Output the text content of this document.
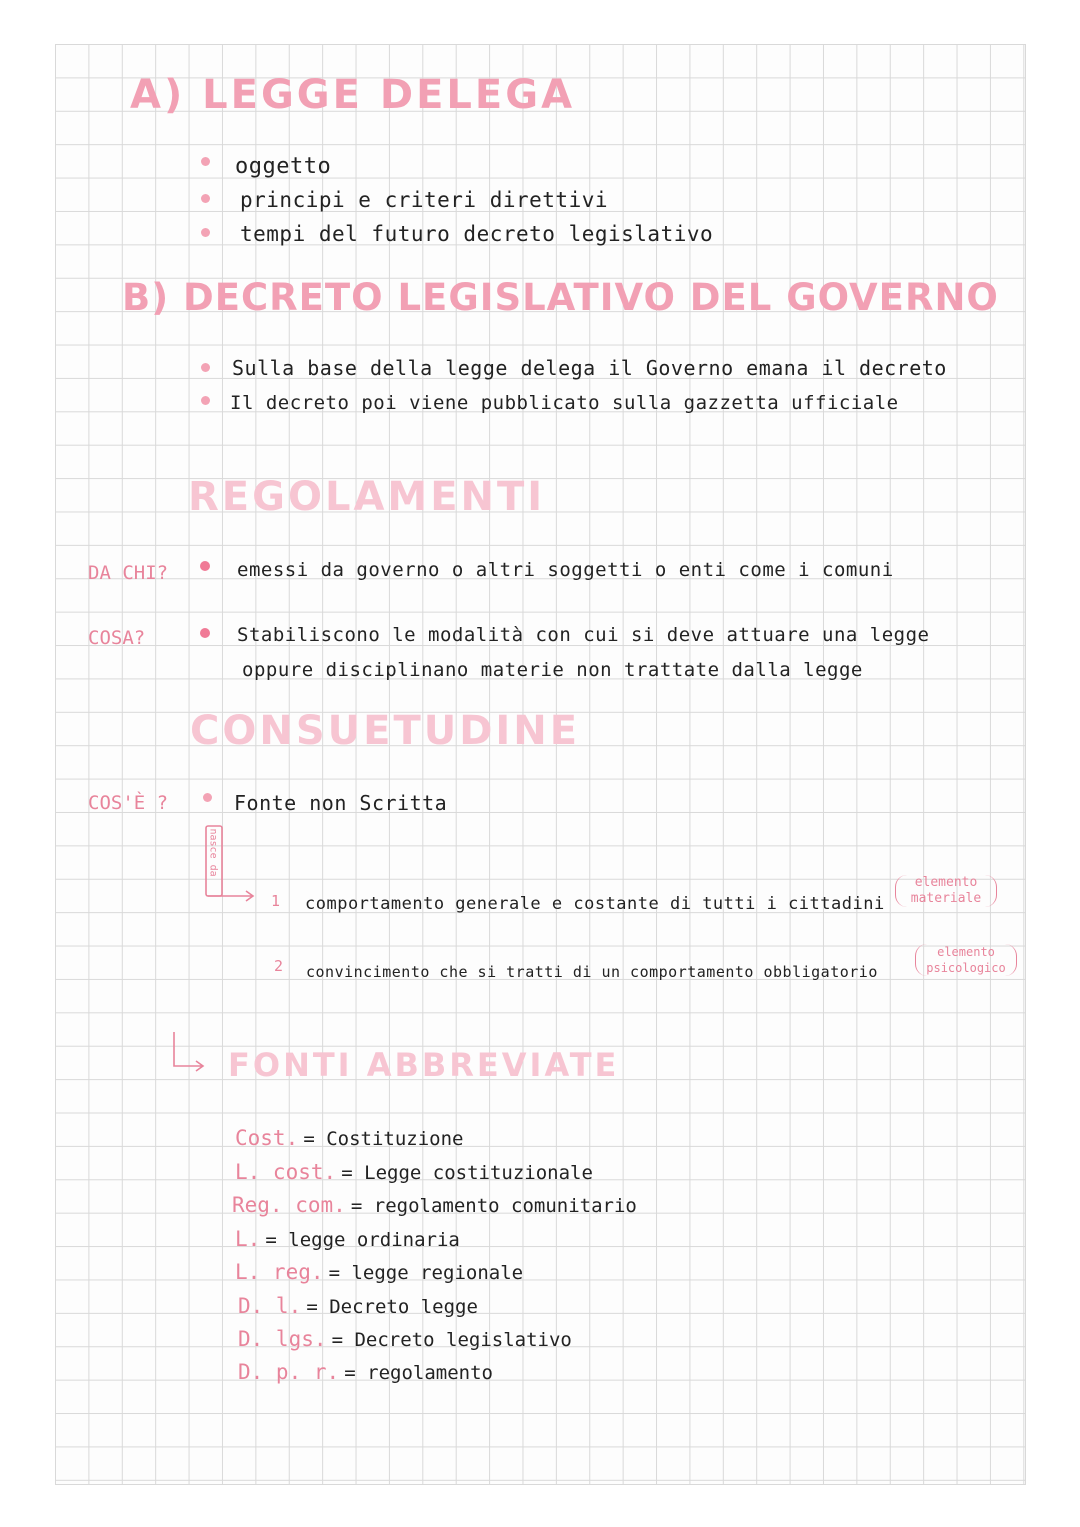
A) LEGGE DELEGA
oggetto
principi e criteri direttivi
tempi del futuro decreto legislativo
B) DECRETO LEGISLATIVO DEL GOVERNO
Sulla base della legge delega il Governo emana il decreto
Il decreto poi viene pubblicato sulla gazzetta ufficiale
REGOLAMENTI
DA CHI?	emessi da governo o altri soggetti o enti come i comuni
COSA?	Stabiliscono le modalità con cui si deve attuare una legge
oppure disciplinano materie non trattate dalla legge
CONSUETUDINE
COS'È ?	Fonte non Scritta
nasce da
1 comportamento generale e costante di tutti i cittadini
elemento
materiale
2 convincimento che si tratti di un comportamento obbligatorio
elemento
psicologico
FONTI ABBREVIATE
Cost. = Costituzione
L. cost. = Legge costituzionale
Reg. com. = regolamento comunitario
L. = legge ordinaria
L. reg. = legge regionale
D. l. = Decreto legge
D. lgs. = Decreto legislativo
D. p. r. = regolamento
